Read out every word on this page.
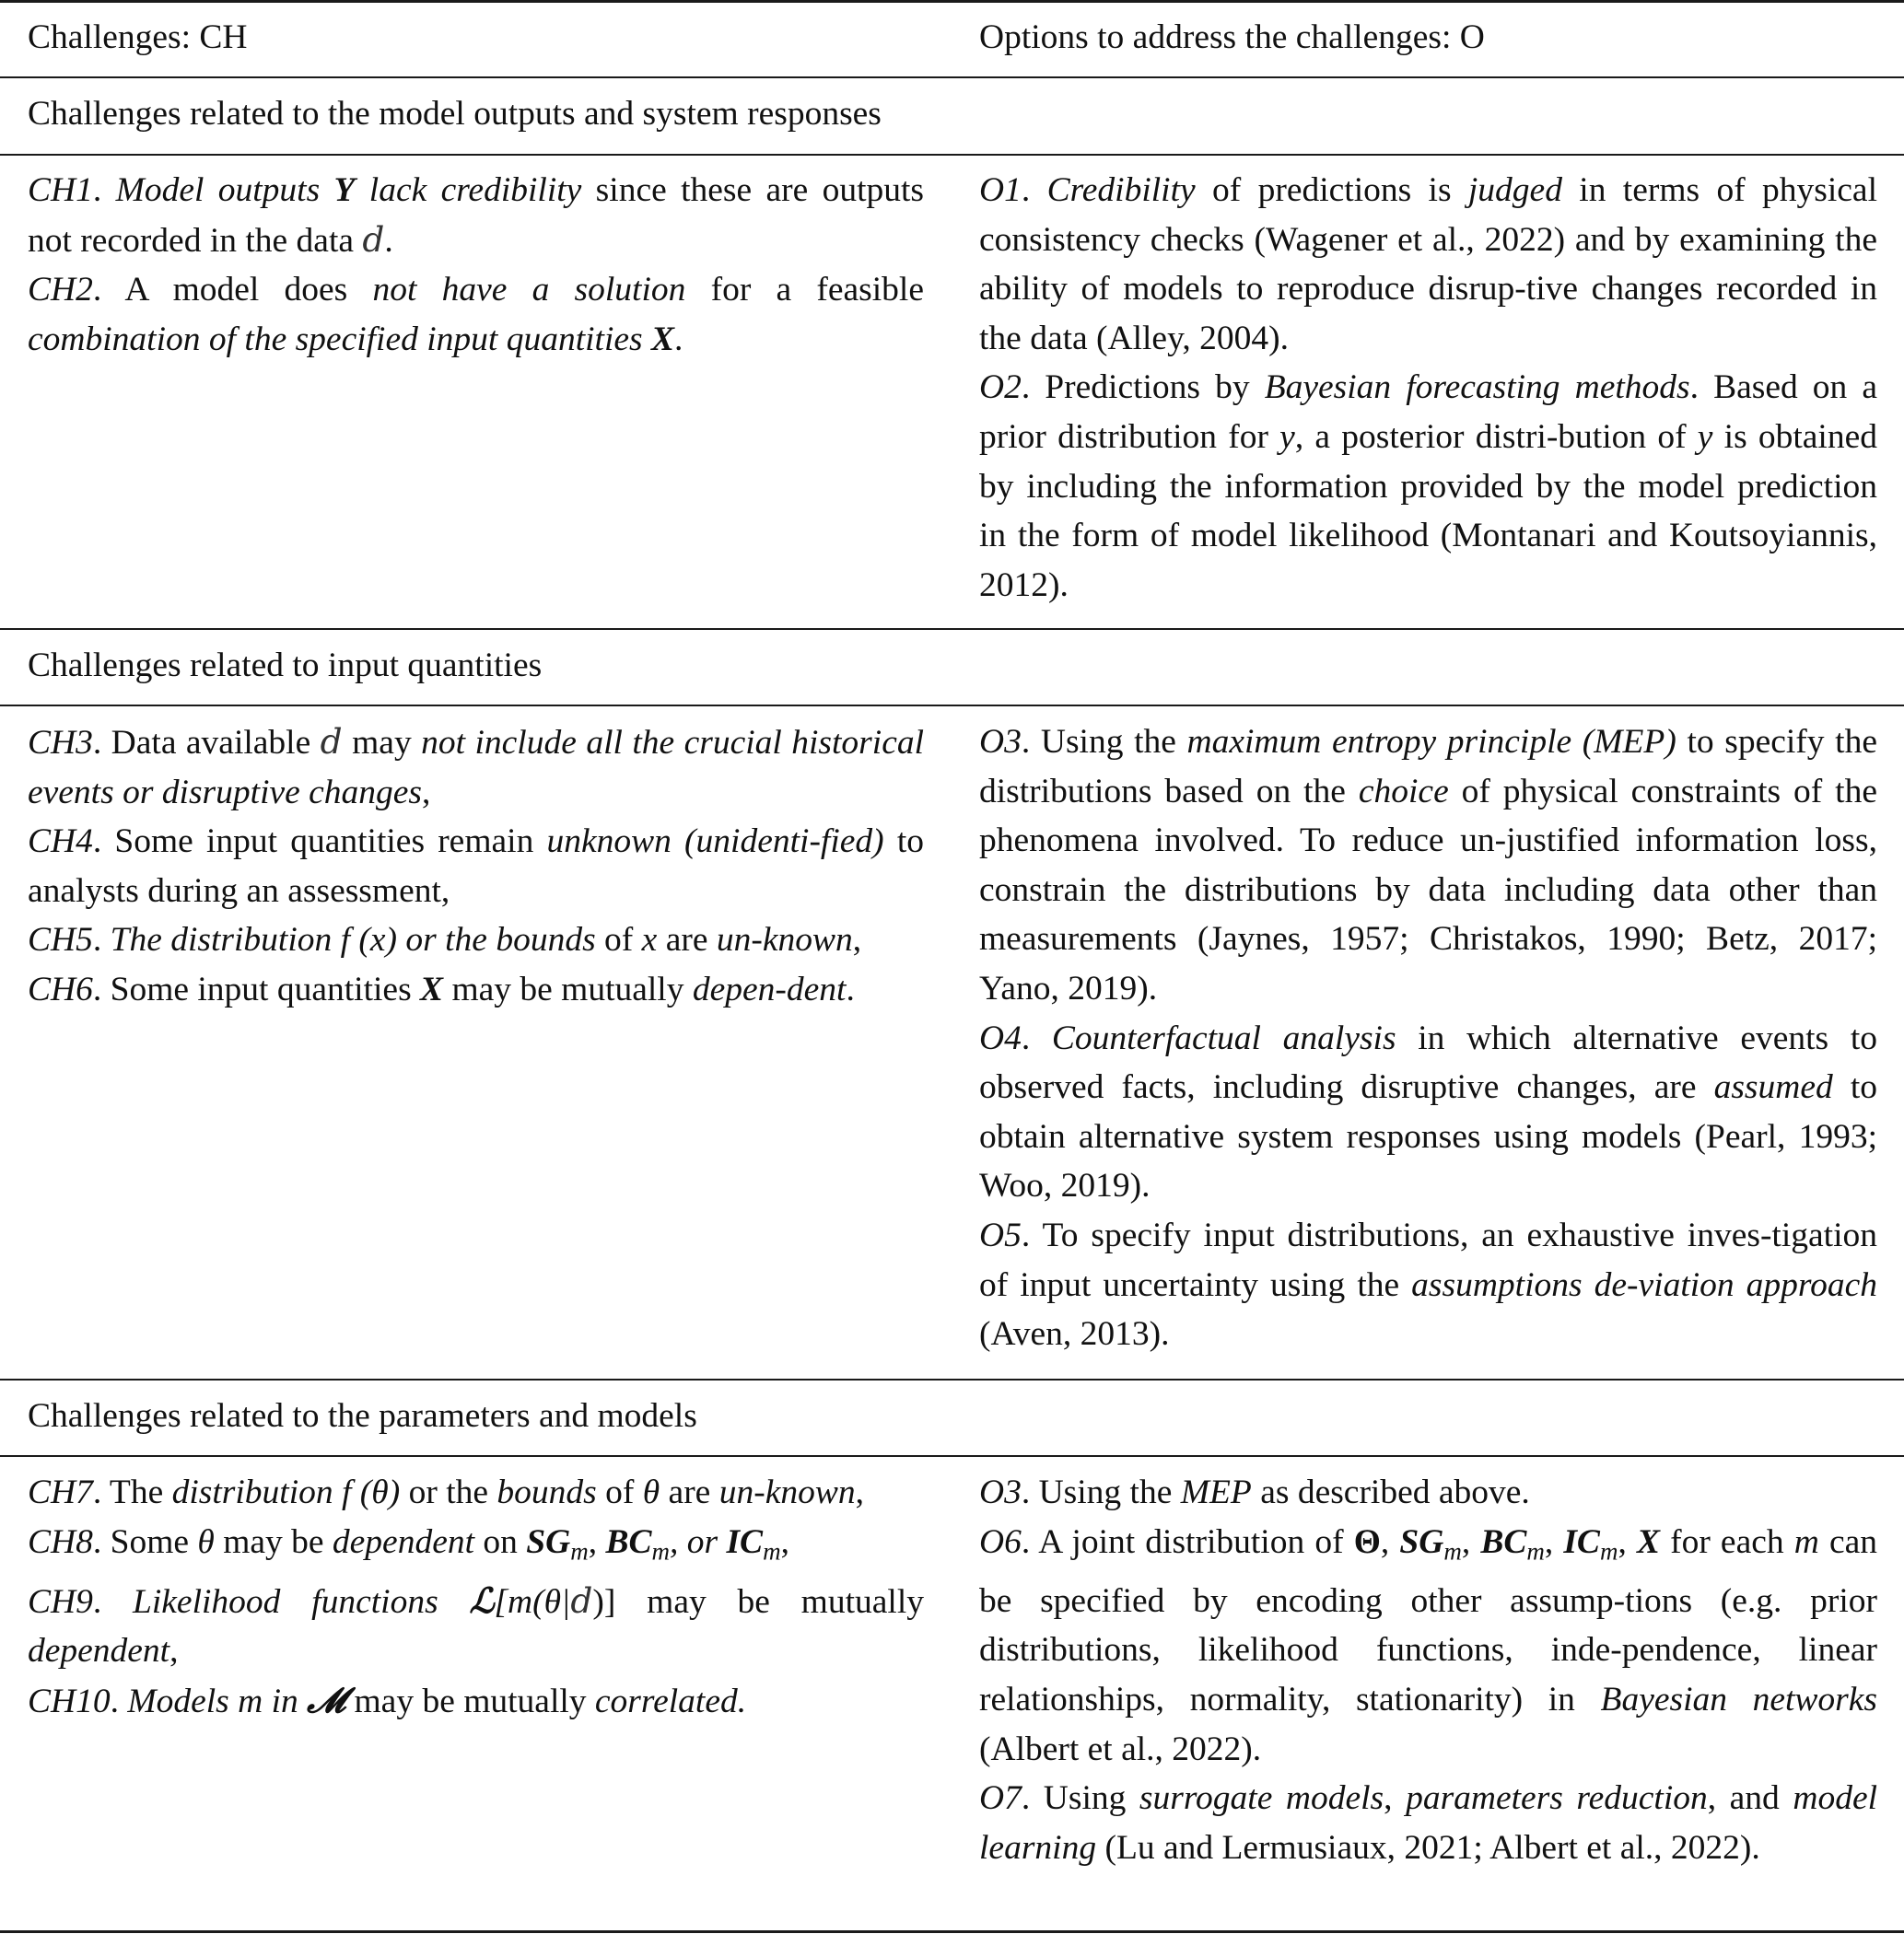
Challenges: CH	Options to address the challenges: O
Challenges related to the model outputs and system responses

CH1. Model outputs Y lack credibility since these are outputs not recorded in the data d.

CH2. A model does not have a solution for a feasible combination of the specified input quantities X.

O1. Credibility of predictions is judged in terms of physical consistency checks (Wagener et al., 2022) and by examining the ability of models to reproduce disrup-tive changes recorded in the data (Alley, 2004).

O2. Predictions by Bayesian forecasting methods. Based on a prior distribution for y, a posterior distri-bution of y is obtained by including the information provided by the model prediction in the form of model likelihood (Montanari and Koutsoyiannis, 2012).

Challenges related to input quantities

CH3. Data available d may not include all the crucial historical events or disruptive changes,

CH4. Some input quantities remain unknown (unidenti-fied) to analysts during an assessment,

CH5. The distribution f (x) or the bounds of x are un-known,

CH6. Some input quantities X may be mutually depen-dent.

O3. Using the maximum entropy principle (MEP) to specify the distributions based on the choice of physical constraints of the phenomena involved. To reduce un-justified information loss, constrain the distributions by data including data other than measurements (Jaynes, 1957; Christakos, 1990; Betz, 2017; Yano, 2019).

O4. Counterfactual analysis in which alternative events to observed facts, including disruptive changes, are assumed to obtain alternative system responses using models (Pearl, 1993; Woo, 2019).

O5. To specify input distributions, an exhaustive inves-tigation of input uncertainty using the assumptions de-viation approach (Aven, 2013).

Challenges related to the parameters and models

CH7. The distribution f (θ) or the bounds of θ are un-known,

CH8. Some θ may be dependent on $SG_m$, $BC_m$, or $IC_m$,

CH9. Likelihood functions ℒ[m(θ|d)] may be mutually dependent,

CH10. Models m in 𝓜 may be mutually correlated.

O3. Using the MEP as described above.

O6. A joint distribution of Θ, $SG_m$, $BC_m$, $IC_m$, X for each m can be specified by encoding other assump-tions (e.g. prior distributions, likelihood functions, inde-pendence, linear relationships, normality, stationarity) in Bayesian networks (Albert et al., 2022).

O7. Using surrogate models, parameters reduction, and model learning (Lu and Lermusiaux, 2021; Albert et al., 2022).
